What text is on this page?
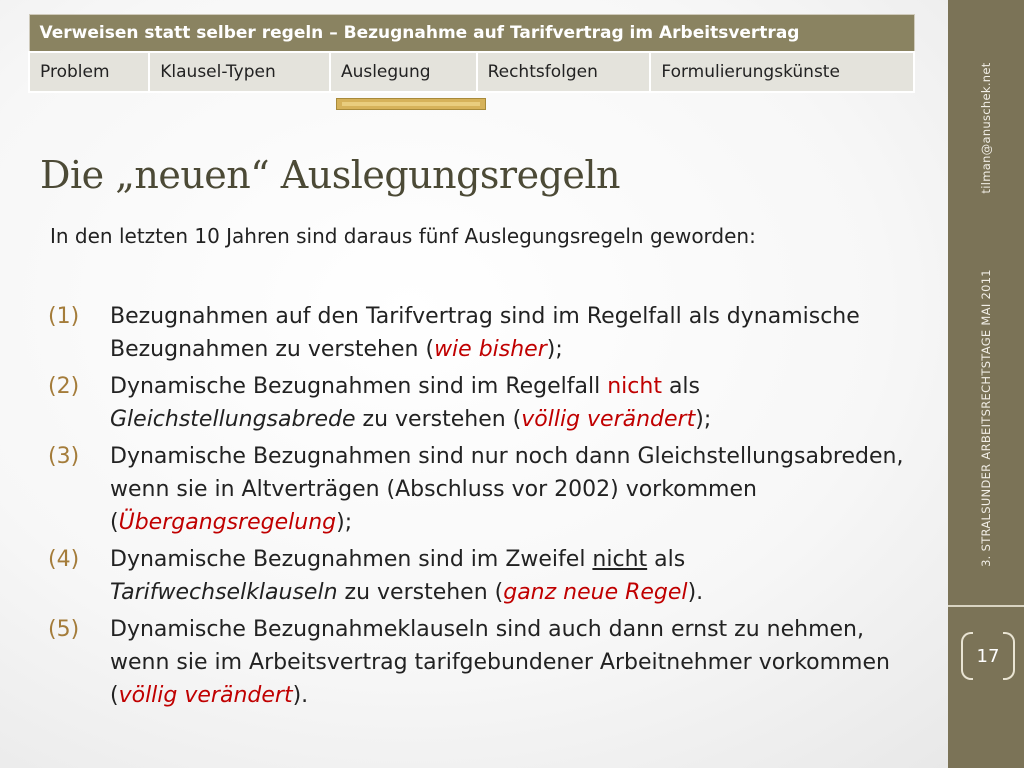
Verweisen statt selber regeln – Bezugnahme auf Tarifvertrag im Arbeitsvertrag
Problem	Klausel-Typen	Auslegung	Rechtsfolgen	Formulierungskünste	tilman@anuschek.net
3. STRALSUNDER ARBEITSRECHTSTAGE MAI 2011
17
Die „neuen“ Auslegungsregeln

In den letzten 10 Jahren sind daraus fünf Auslegungsregeln geworden:

(1)	Bezugnahmen auf den Tarifvertrag sind im Regelfall als dynamische Bezugnahmen zu verstehen (wie bisher);
(2)	Dynamische Bezugnahmen sind im Regelfall nicht als Gleichstellungsabrede zu verstehen (völlig verändert);
(3)	Dynamische Bezugnahmen sind nur noch dann Gleichstellungsabreden, wenn sie in Altverträgen (Abschluss vor 2002) vorkommen (Übergangsregelung);
(4)	Dynamische Bezugnahmen sind im Zweifel nicht als Tarifwechselklauseln zu verstehen (ganz neue Regel).
(5)	Dynamische Bezugnahmeklauseln sind auch dann ernst zu nehmen, wenn sie im Arbeitsvertrag tarifgebundener Arbeitnehmer vorkommen (völlig verändert).
